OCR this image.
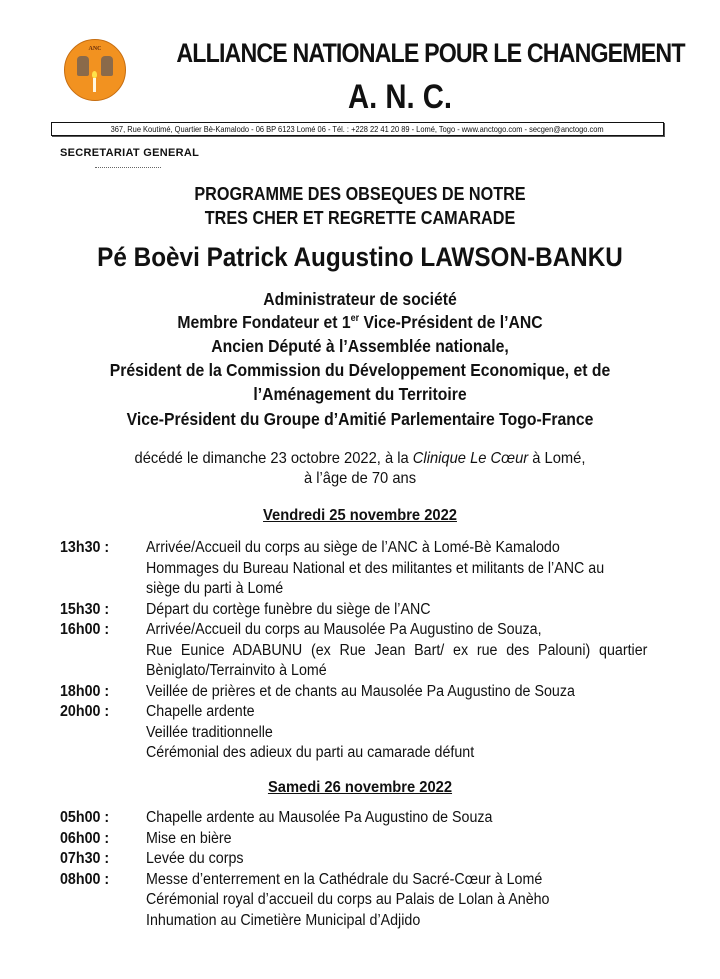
ANC	ALLIANCE NATIONALE POUR LE CHANGEMENT
A. N. C.
367, Rue Koutimé, Quartier Bè-Kamalodo - 06 BP 6123 Lomé 06 - Tél. : +228 22 41 20 89 - Lomé, Togo - www.anctogo.com - secgen@anctogo.com
SECRETARIAT GENERAL
PROGRAMME DES OBSEQUES DE NOTRE
TRES CHER ET REGRETTE CAMARADE
Pé Boèvi Patrick Augustino LAWSON-BANKU
Administrateur de société
Membre Fondateur et 1er Vice-Président de l’ANC
Ancien Député à l’Assemblée nationale,
Président de la Commission du Développement Economique, et de
l’Aménagement du Territoire
Vice-Président du Groupe d’Amitié Parlementaire Togo-France
décédé le dimanche 23 octobre 2022, à la Clinique Le Cœur à Lomé,
à l’âge de 70 ans
Vendredi 25 novembre 2022
13h30 :	Arrivée/Accueil du corps au siège de l’ANC à Lomé-Bè Kamalodo
Hommages du Bureau National et des militantes et militants de l’ANC au
siège du parti à Lomé
15h30 :	Départ du cortège funèbre du siège de l’ANC
16h00 :	Arrivée/Accueil du corps au Mausolée Pa Augustino de Souza,
Rue Eunice ADABUNU (ex Rue Jean Bart/ ex rue des Palouni) quartier
Bèniglato/Terrainvito à Lomé
18h00 :	Veillée de prières et de chants au Mausolée Pa Augustino de Souza
20h00 :	Chapelle ardente
Veillée traditionnelle
Cérémonial des adieux du parti au camarade défunt
Samedi 26 novembre 2022
05h00 :	Chapelle ardente au Mausolée Pa Augustino de Souza
06h00 :	Mise en bière
07h30 :	Levée du corps
08h00 :	Messe d’enterrement en la Cathédrale du Sacré-Cœur à Lomé
Cérémonial royal d’accueil du corps au Palais de Lolan à Anèho
Inhumation au Cimetière Municipal d’Adjido
